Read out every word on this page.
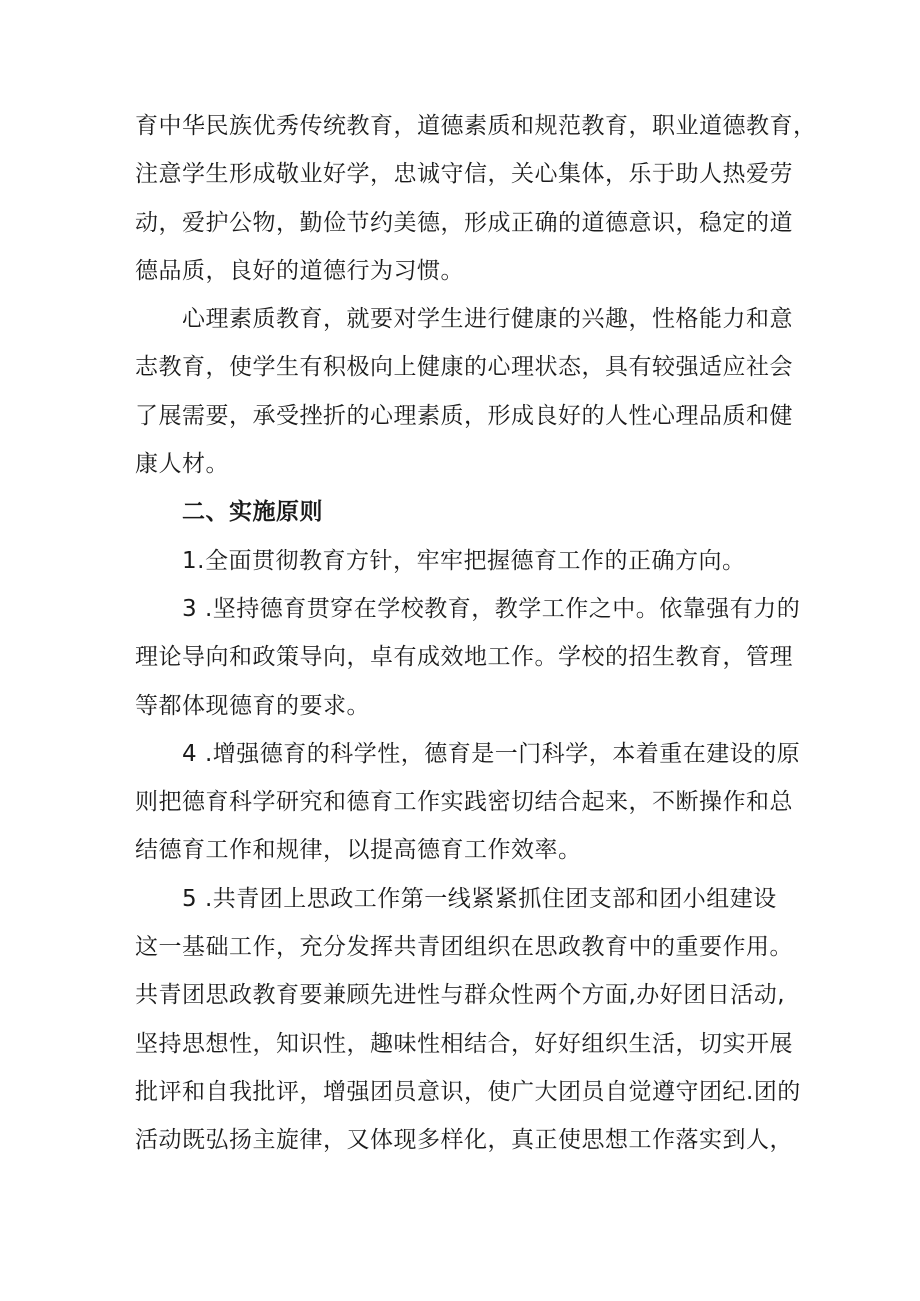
育中华民族优秀传统教育，道德素质和规范教育，职业道德教育，
注意学生形成敬业好学，忠诚守信，关心集体，乐于助人热爱劳
动，爱护公物，勤俭节约美德，形成正确的道德意识，稳定的道
德品质，良好的道德行为习惯。
心理素质教育，就要对学生进行健康的兴趣，性格能力和意
志教育，使学生有积极向上健康的心理状态，具有较强适应社会
了展需要，承受挫折的心理素质，形成良好的人性心理品质和健
康人材。
二、实施原则
1.全面贯彻教育方针，牢牢把握德育工作的正确方向。
3 .坚持德育贯穿在学校教育，教学工作之中。依靠强有力的
理论导向和政策导向，卓有成效地工作。学校的招生教育，管理
等都体现德育的要求。
4 .增强德育的科学性，德育是一门科学，本着重在建设的原
则把德育科学研究和德育工作实践密切结合起来，不断操作和总
结德育工作和规律，以提高德育工作效率。
5 .共青团上思政工作第一线紧紧抓住团支部和团小组建设
这一基础工作，充分发挥共青团组织在思政教育中的重要作用。
共青团思政教育要兼顾先进性与群众性两个方面,办好团日活动,
坚持思想性，知识性，趣味性相结合，好好组织生活，切实开展
批评和自我批评，增强团员意识，使广大团员自觉遵守团纪.团的
活动既弘扬主旋律，又体现多样化，真正使思想工作落实到人，
